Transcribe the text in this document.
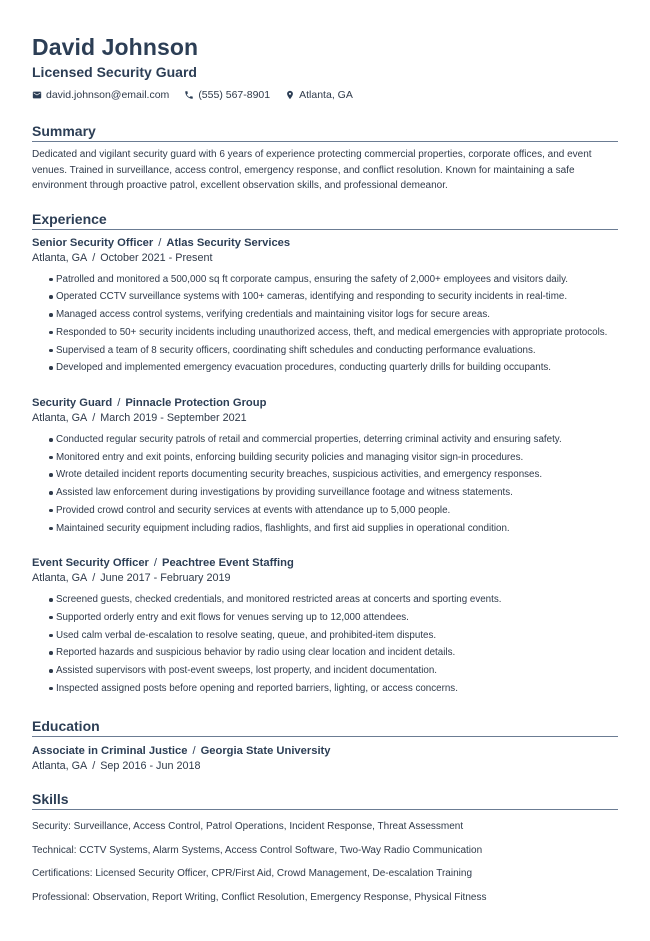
David Johnson
Licensed Security Guard
david.johnson@email.com	(555) 567-8901	Atlanta, GA
Summary
Dedicated and vigilant security guard with 6 years of experience protecting commercial properties, corporate offices, and event venues. Trained in surveillance, access control, emergency response, and conflict resolution. Known for maintaining a safe environment through proactive patrol, excellent observation skills, and professional demeanor.
Experience
Senior Security Officer / Atlas Security Services
Atlanta, GA / October 2021 - Present
Patrolled and monitored a 500,000 sq ft corporate campus, ensuring the safety of 2,000+ employees and visitors daily.
Operated CCTV surveillance systems with 100+ cameras, identifying and responding to security incidents in real-time.
Managed access control systems, verifying credentials and maintaining visitor logs for secure areas.
Responded to 50+ security incidents including unauthorized access, theft, and medical emergencies with appropriate protocols.
Supervised a team of 8 security officers, coordinating shift schedules and conducting performance evaluations.
Developed and implemented emergency evacuation procedures, conducting quarterly drills for building occupants.
Security Guard / Pinnacle Protection Group
Atlanta, GA / March 2019 - September 2021
Conducted regular security patrols of retail and commercial properties, deterring criminal activity and ensuring safety.
Monitored entry and exit points, enforcing building security policies and managing visitor sign-in procedures.
Wrote detailed incident reports documenting security breaches, suspicious activities, and emergency responses.
Assisted law enforcement during investigations by providing surveillance footage and witness statements.
Provided crowd control and security services at events with attendance up to 5,000 people.
Maintained security equipment including radios, flashlights, and first aid supplies in operational condition.
Event Security Officer / Peachtree Event Staffing
Atlanta, GA / June 2017 - February 2019
Screened guests, checked credentials, and monitored restricted areas at concerts and sporting events.
Supported orderly entry and exit flows for venues serving up to 12,000 attendees.
Used calm verbal de-escalation to resolve seating, queue, and prohibited-item disputes.
Reported hazards and suspicious behavior by radio using clear location and incident details.
Assisted supervisors with post-event sweeps, lost property, and incident documentation.
Inspected assigned posts before opening and reported barriers, lighting, or access concerns.
Education
Associate in Criminal Justice / Georgia State University
Atlanta, GA / Sep 2016 - Jun 2018
Skills
Security: Surveillance, Access Control, Patrol Operations, Incident Response, Threat Assessment
Technical: CCTV Systems, Alarm Systems, Access Control Software, Two-Way Radio Communication
Certifications: Licensed Security Officer, CPR/First Aid, Crowd Management, De-escalation Training
Professional: Observation, Report Writing, Conflict Resolution, Emergency Response, Physical Fitness
